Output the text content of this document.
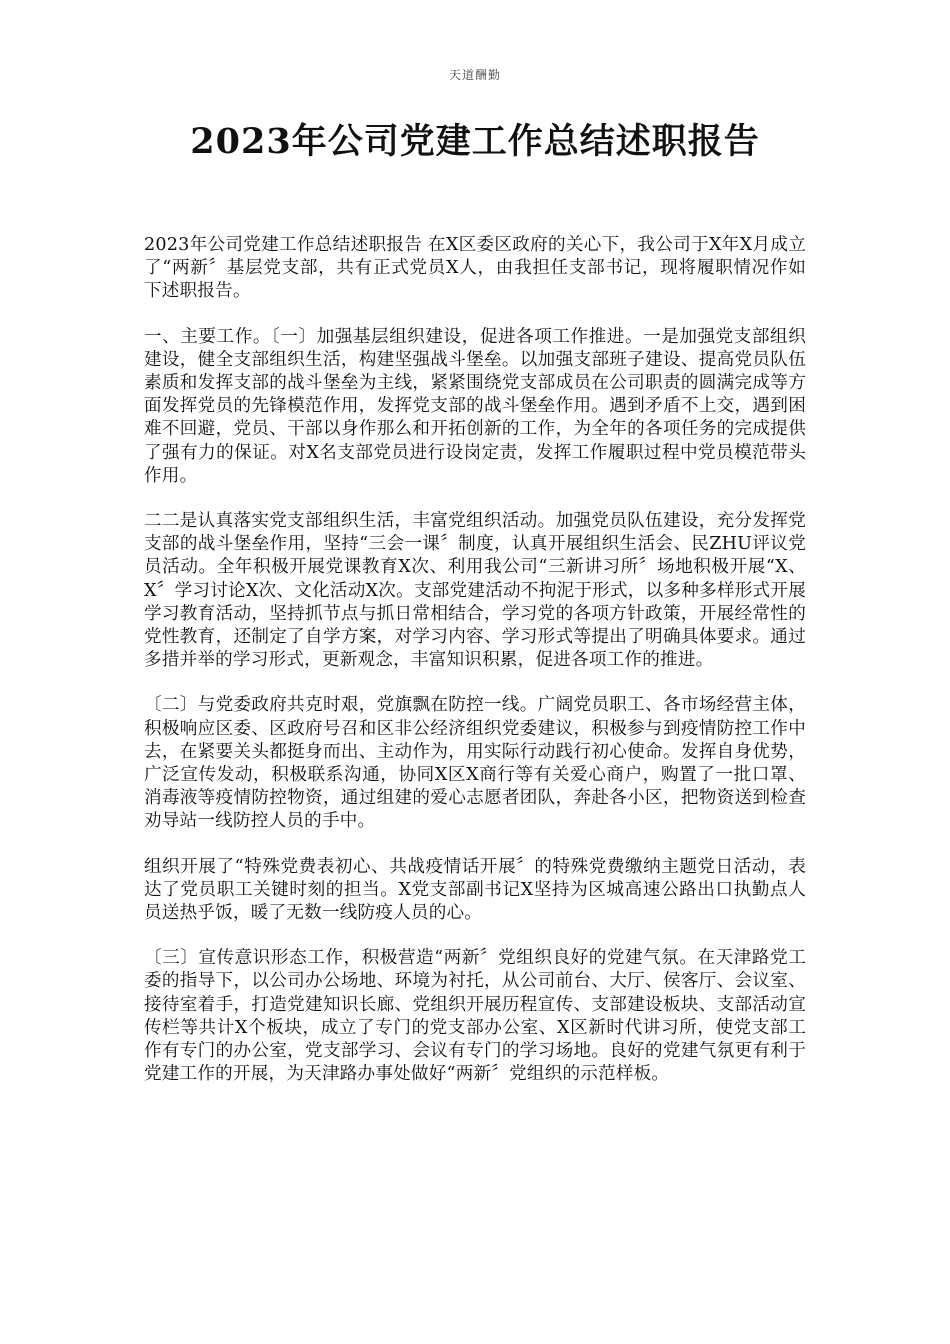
天道酬勤
2023年公司党建工作总结述职报告

2023年公司党建工作总结述职报告 在X区委区政府的关心下，我公司于X年X月成立了“两新〞基层党支部，共有正式党员X人，由我担任支部书记，现将履职情况作如下述职报告。

一、主要工作。〔一〕加强基层组织建设，促进各项工作推进。一是加强党支部组织建设，健全支部组织生活，构建坚强战斗堡垒。以加强支部班子建设、提高党员队伍素质和发挥支部的战斗堡垒为主线，紧紧围绕党支部成员在公司职责的圆满完成等方面发挥党员的先锋模范作用，发挥党支部的战斗堡垒作用。遇到矛盾不上交，遇到困难不回避，党员、干部以身作那么和开拓创新的工作，为全年的各项任务的完成提供了强有力的保证。对X名支部党员进行设岗定责，发挥工作履职过程中党员模范带头作用。

二二是认真落实党支部组织生活，丰富党组织活动。加强党员队伍建设，充分发挥党支部的战斗堡垒作用，坚持“三会一课〞制度，认真开展组织生活会、民ZHU评议党员活动。全年积极开展党课教育X次、利用我公司“三新讲习所〞场地积极开展“X、X〞学习讨论X次、文化活动X次。支部党建活动不拘泥于形式，以多种多样形式开展学习教育活动，坚持抓节点与抓日常相结合，学习党的各项方针政策，开展经常性的党性教育，还制定了自学方案，对学习内容、学习形式等提出了明确具体要求。通过多措并举的学习形式，更新观念，丰富知识积累，促进各项工作的推进。

〔二〕与党委政府共克时艰，党旗飘在防控一线。广阔党员职工、各市场经营主体，积极响应区委、区政府号召和区非公经济组织党委建议，积极参与到疫情防控工作中去，在紧要关头都挺身而出、主动作为，用实际行动践行初心使命。发挥自身优势，广泛宣传发动，积极联系沟通，协同X区X商行等有关爱心商户，购置了一批口罩、消毒液等疫情防控物资，通过组建的爱心志愿者团队，奔赴各小区，把物资送到检查劝导站一线防控人员的手中。

组织开展了“特殊党费表初心、共战疫情话开展〞的特殊党费缴纳主题党日活动，表达了党员职工关键时刻的担当。X党支部副书记X坚持为区城高速公路出口执勤点人员送热乎饭，暖了无数一线防疫人员的心。

〔三〕宣传意识形态工作，积极营造“两新〞党组织良好的党建气氛。在天津路党工委的指导下，以公司办公场地、环境为衬托，从公司前台、大厅、侯客厅、会议室、接待室着手，打造党建知识长廊、党组织开展历程宣传、支部建设板块、支部活动宣传栏等共计X个板块，成立了专门的党支部办公室、X区新时代讲习所，使党支部工作有专门的办公室，党支部学习、会议有专门的学习场地。良好的党建气氛更有利于党建工作的开展，为天津路办事处做好“两新〞党组织的示范样板。
